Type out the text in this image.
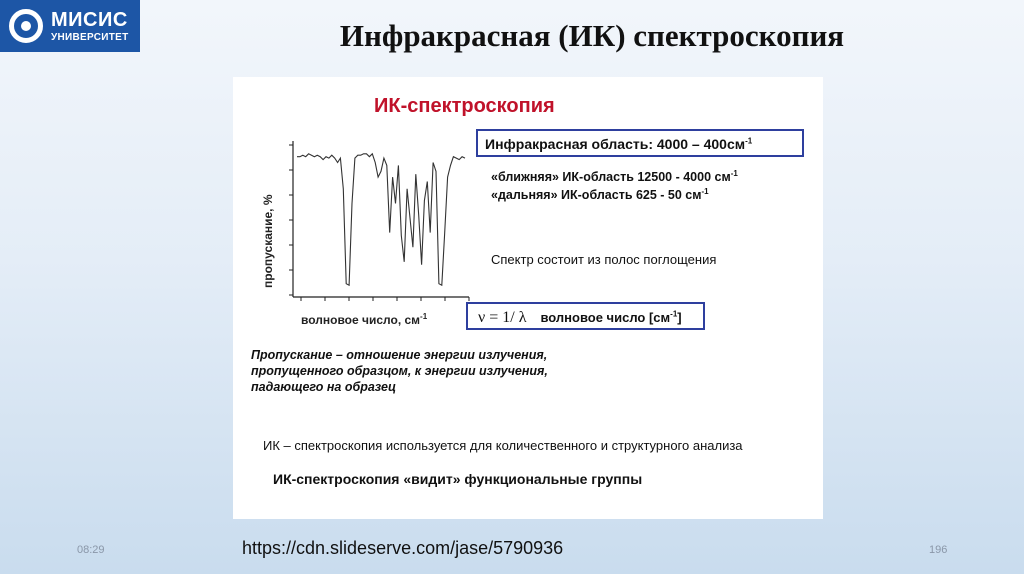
МИСИС
УНИВЕРСИТЕТ	Инфракрасная (ИК) спектроскопия
ИК-спектроскопия
пропускание, %
волновое число, $см^{-1}$
Инфракрасная область: $4000 - 400см^{-1}$
«ближняя» ИК-область 12500 - 4000 $см^{-1}$
«дальняя» ИК-область 625 - 50 $см^{-1}$
Спектр состоит из полос поглощения
ν = 1/ λ волновое число $[см^{-1}]$
Пропускание – отношение энергии излучения, пропущенного образцом, к энергии излучения, падающего на образец
ИК – спектроскопия используется для количественного и структурного анализа
ИК-спектроскопия «видит» функциональные группы
08:29	https://cdn.slideserve.com/jase/5790936	196
